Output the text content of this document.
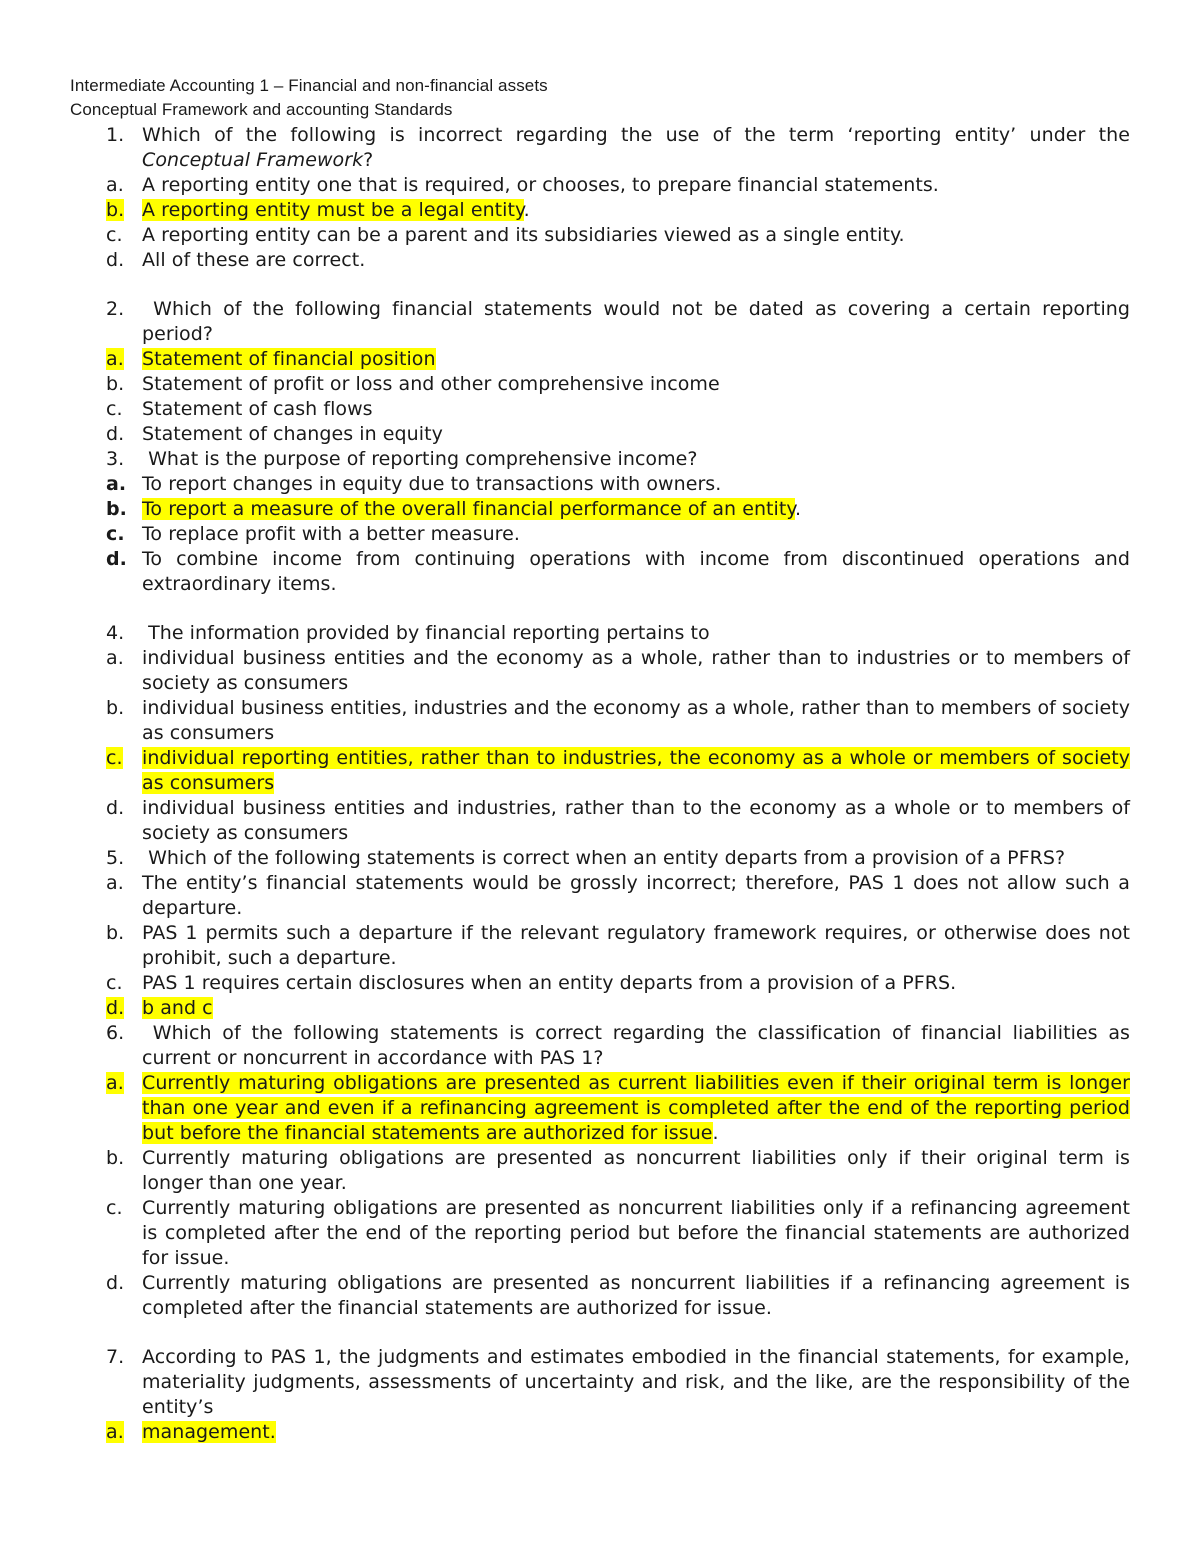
Intermediate Accounting 1 – Financial and non-financial assets
Conceptual Framework and accounting Standards
1. Which of the following is incorrect regarding the use of the term ‘reporting entity’ under the Conceptual Framework?
a. A reporting entity one that is required, or chooses, to prepare financial statements.
b. A reporting entity must be a legal entity.
c.	A reporting entity can be a parent and its subsidiaries viewed as a single entity.
d. All of these are correct.
2. Which of the following financial statements would not be dated as covering a certain reporting period?
a. Statement of financial position
b. Statement of profit or loss and other comprehensive income
c.	Statement of cash flows
d. Statement of changes in equity
3. What is the purpose of reporting comprehensive income?
a. To report changes in equity due to transactions with owners.
b. To report a measure of the overall financial performance of an entity.
c. To replace profit with a better measure.
d. To combine income from continuing operations with income from discontinued operations and extraordinary items.
4. The information provided by financial reporting pertains to
a. individual business entities and the economy as a whole, rather than to industries or to members of society as consumers
b. individual business entities, industries and the economy as a whole, rather than to members of society as consumers
c.	individual reporting entities, rather than to industries, the economy as a whole or members of society as consumers
d. individual business entities and industries, rather than to the economy as a whole or to members of society as consumers
5. Which of the following statements is correct when an entity departs from a provision of a PFRS?
a. The entity’s financial statements would be grossly incorrect; therefore, PAS 1 does not allow such a departure.
b. PAS 1 permits such a departure if the relevant regulatory framework requires, or otherwise does not prohibit, such a departure.
c.	PAS 1 requires certain disclosures when an entity departs from a provision of a PFRS.
d. b and c
6. Which of the following statements is correct regarding the classification of financial liabilities as current or noncurrent in accordance with PAS 1?
a. Currently maturing obligations are presented as current liabilities even if their original term is longer than one year and even if a refinancing agreement is completed after the end of the reporting period but before the financial statements are authorized for issue.
b. Currently maturing obligations are presented as noncurrent liabilities only if their original term is longer than one year.
c.	Currently maturing obligations are presented as noncurrent liabilities only if a refinancing agreement is completed after the end of the reporting period but before the financial statements are authorized for issue.
d. Currently maturing obligations are presented as noncurrent liabilities if a refinancing agreement is completed after the financial statements are authorized for issue.
7. According to PAS 1, the judgments and estimates embodied in the financial statements, for example, materiality judgments, assessments of uncertainty and risk, and the like, are the responsibility of the entity’s
a. management.
